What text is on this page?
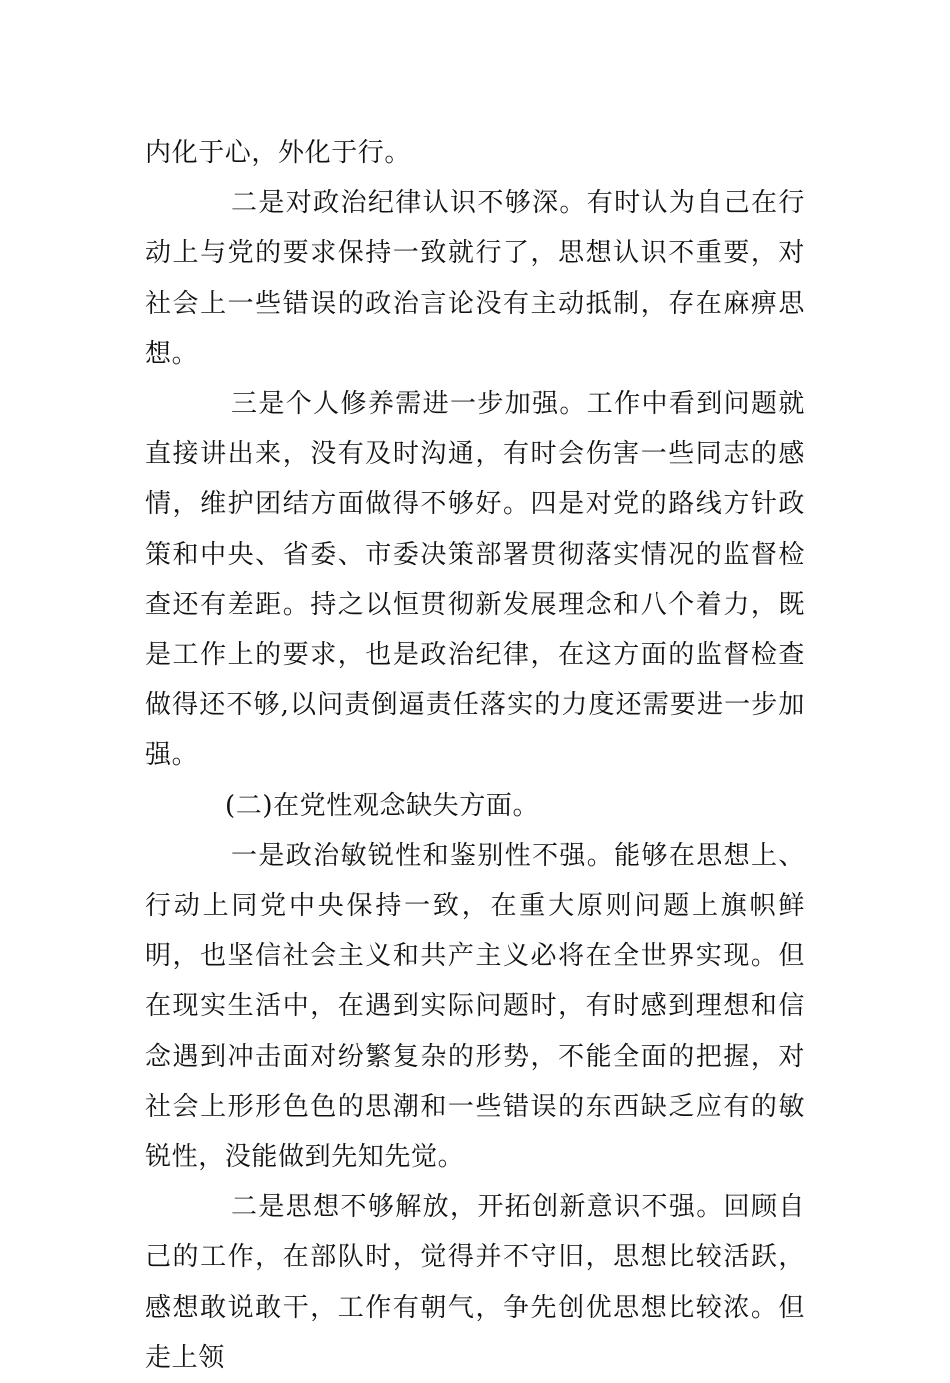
内化于心，外化于行。

二是对政治纪律认识不够深。有时认为自己在行动上与党的要求保持一致就行了，思想认识不重要，对社会上一些错误的政治言论没有主动抵制，存在麻痹思想。

三是个人修养需进一步加强。工作中看到问题就直接讲出来，没有及时沟通，有时会伤害一些同志的感情，维护团结方面做得不够好。四是对党的路线方针政策和中央、省委、市委决策部署贯彻落实情况的监督检查还有差距。持之以恒贯彻新发展理念和八个着力，既是工作上的要求，也是政治纪律，在这方面的监督检查做得还不够,以问责倒逼责任落实的力度还需要进一步加强。

(二)在党性观念缺失方面。

一是政治敏锐性和鉴别性不强。能够在思想上、行动上同党中央保持一致，在重大原则问题上旗帜鲜明，也坚信社会主义和共产主义必将在全世界实现。但在现实生活中，在遇到实际问题时，有时感到理想和信念遇到冲击面对纷繁复杂的形势，不能全面的把握，对社会上形形色色的思潮和一些错误的东西缺乏应有的敏锐性，没能做到先知先觉。

二是思想不够解放，开拓创新意识不强。回顾自己的工作，在部队时，觉得并不守旧，思想比较活跃，感想敢说敢干，工作有朝气，争先创优思想比较浓。但走上领
